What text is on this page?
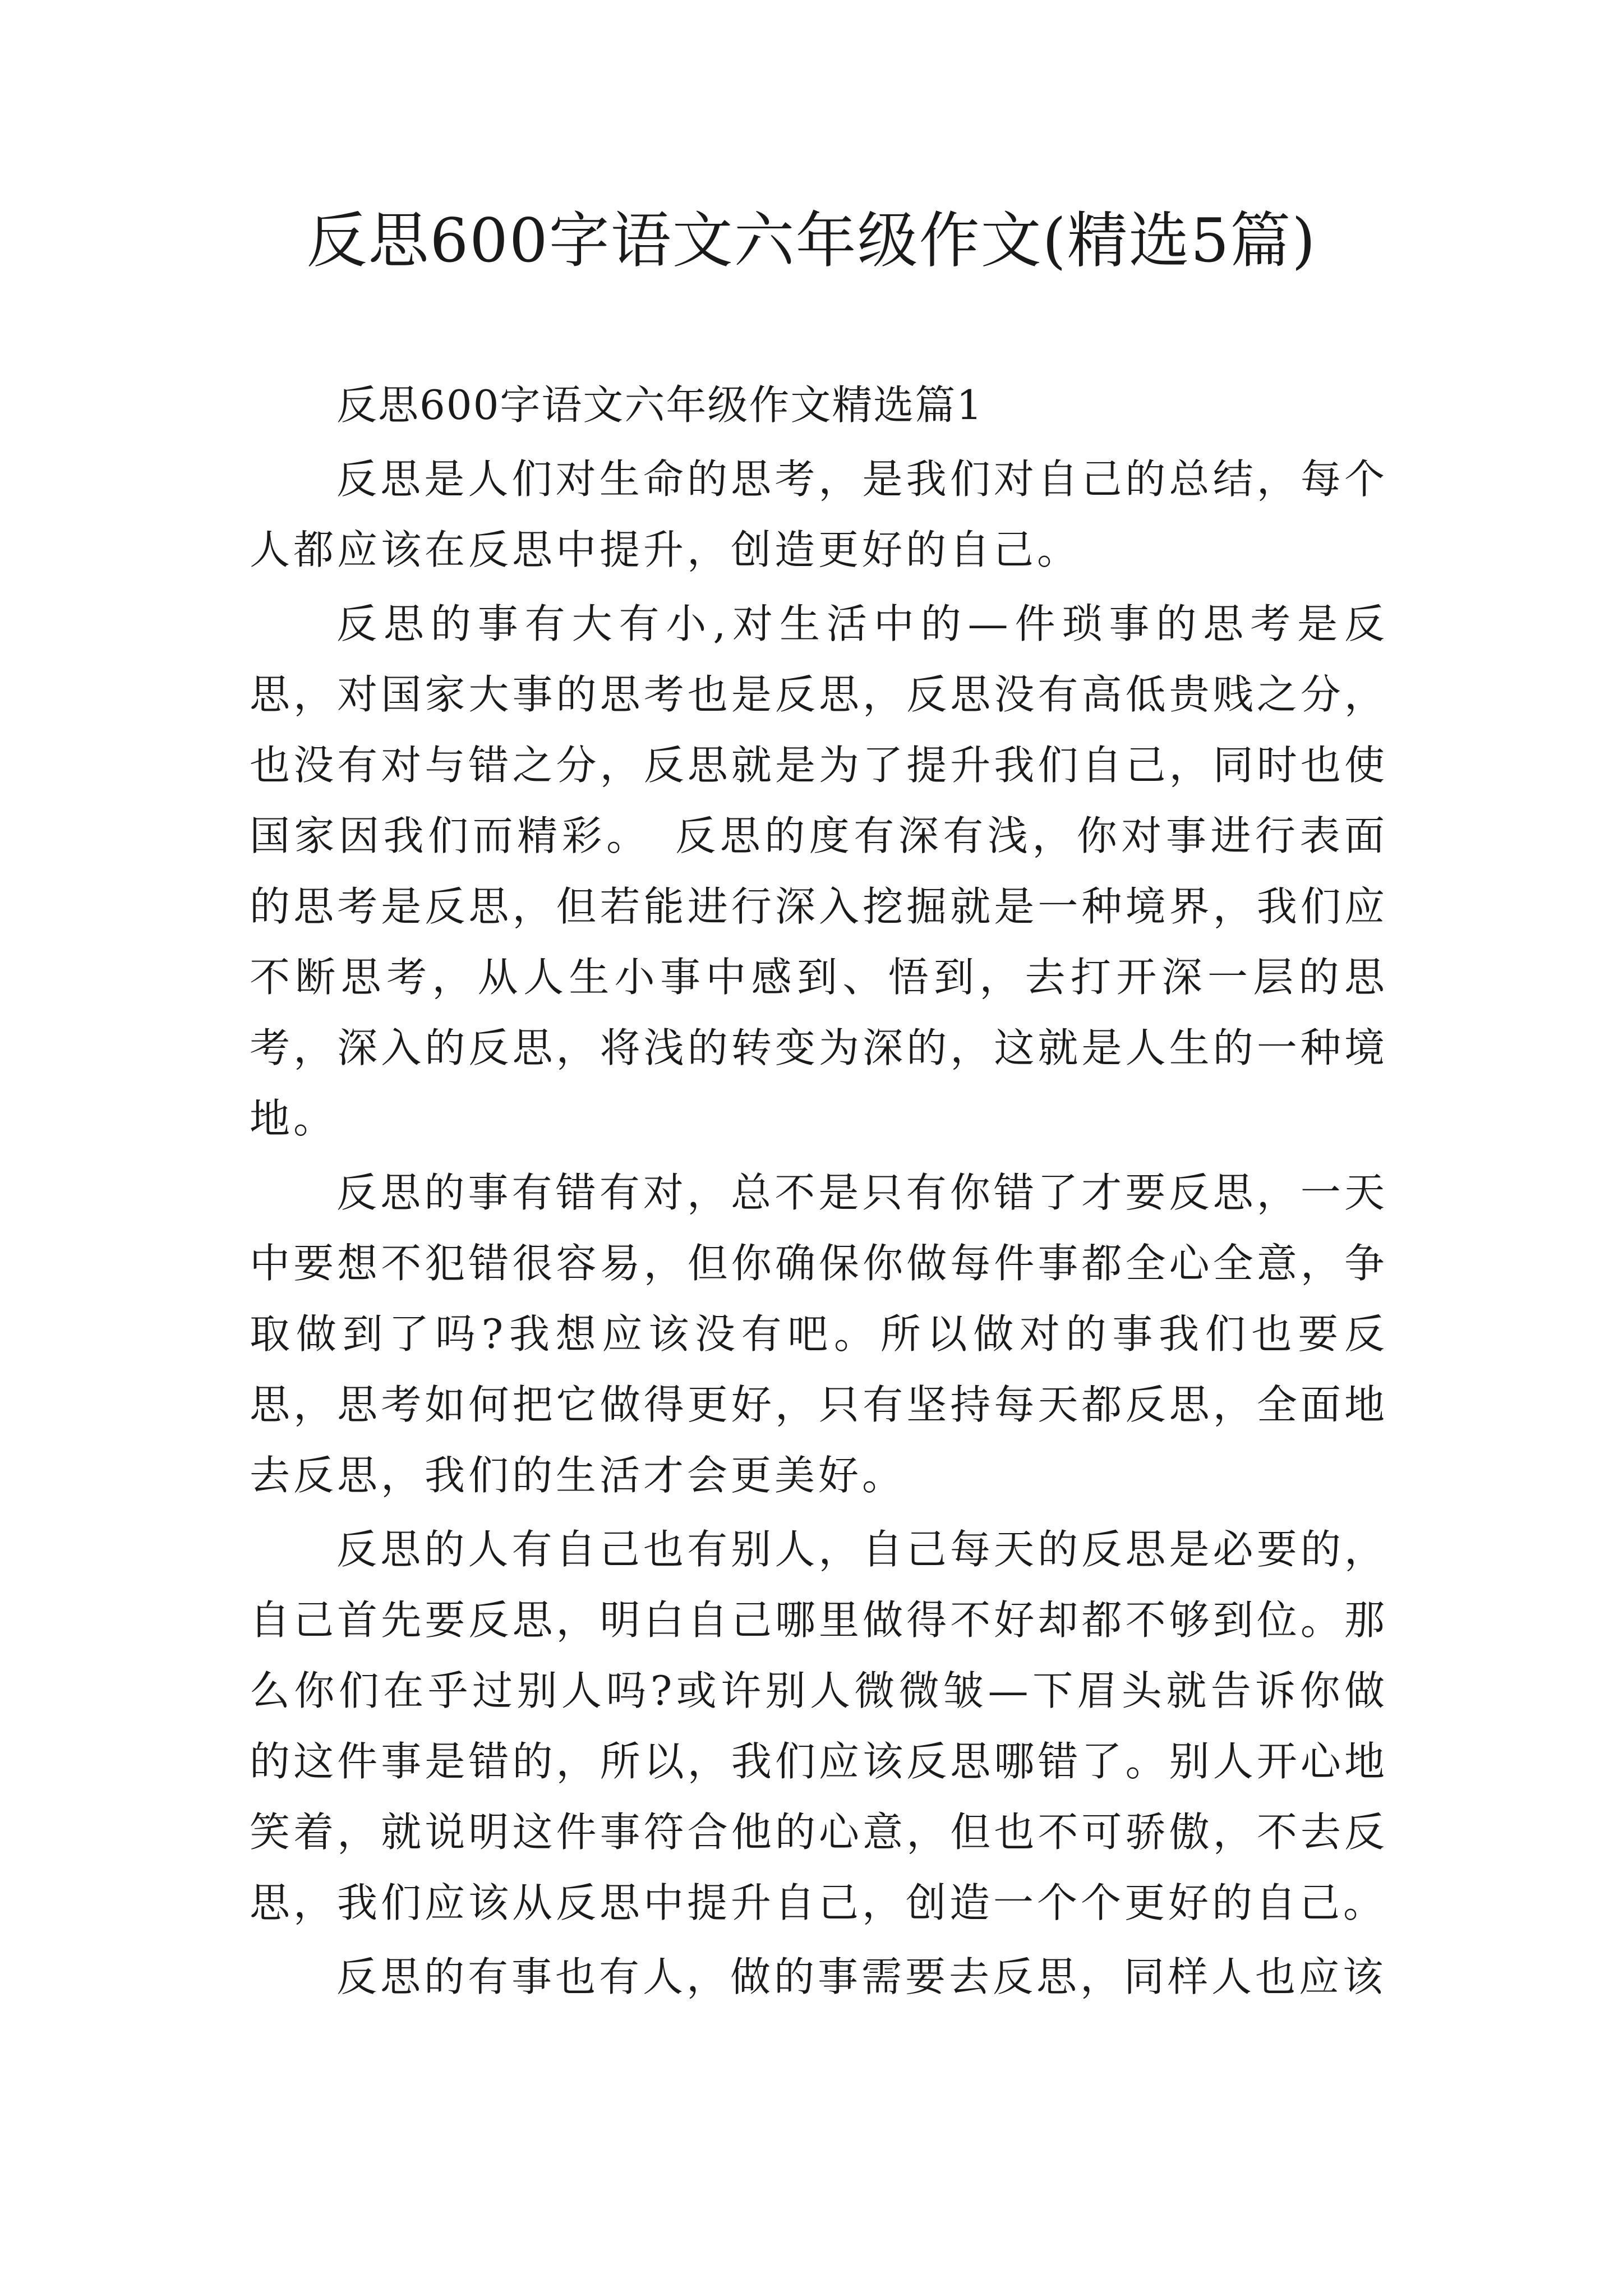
反思600字语文六年级作文(精选5篇)

反思600字语文六年级作文精选篇1

反思是人们对生命的思考，是我们对自己的总结，每个人都应该在反思中提升，创造更好的自己。

反思的事有大有小,对生活中的—件琐事的思考是反思，对国家大事的思考也是反思，反思没有高低贵贱之分，也没有对与错之分，反思就是为了提升我们自己，同时也使国家因我们而精彩。　反思的度有深有浅，你对事进行表面的思考是反思，但若能进行深入挖掘就是一种境界，我们应不断思考，从人生小事中感到、悟到，去打开深一层的思考，深入的反思，将浅的转变为深的，这就是人生的一种境地。

反思的事有错有对，总不是只有你错了才要反思，一天中要想不犯错很容易，但你确保你做每件事都全心全意，争取做到了吗?我想应该没有吧。所以做对的事我们也要反思，思考如何把它做得更好，只有坚持每天都反思，全面地去反思，我们的生活才会更美好。

反思的人有自己也有别人，自己每天的反思是必要的，自己首先要反思，明白自己哪里做得不好却都不够到位。那么你们在乎过别人吗?或许别人微微皱—下眉头就告诉你做的这件事是错的，所以，我们应该反思哪错了。别人开心地笑着，就说明这件事符合他的心意，但也不可骄傲，不去反思，我们应该从反思中提升自己，创造一个个更好的自己。

反思的有事也有人，做的事需要去反思，同样人也应该
